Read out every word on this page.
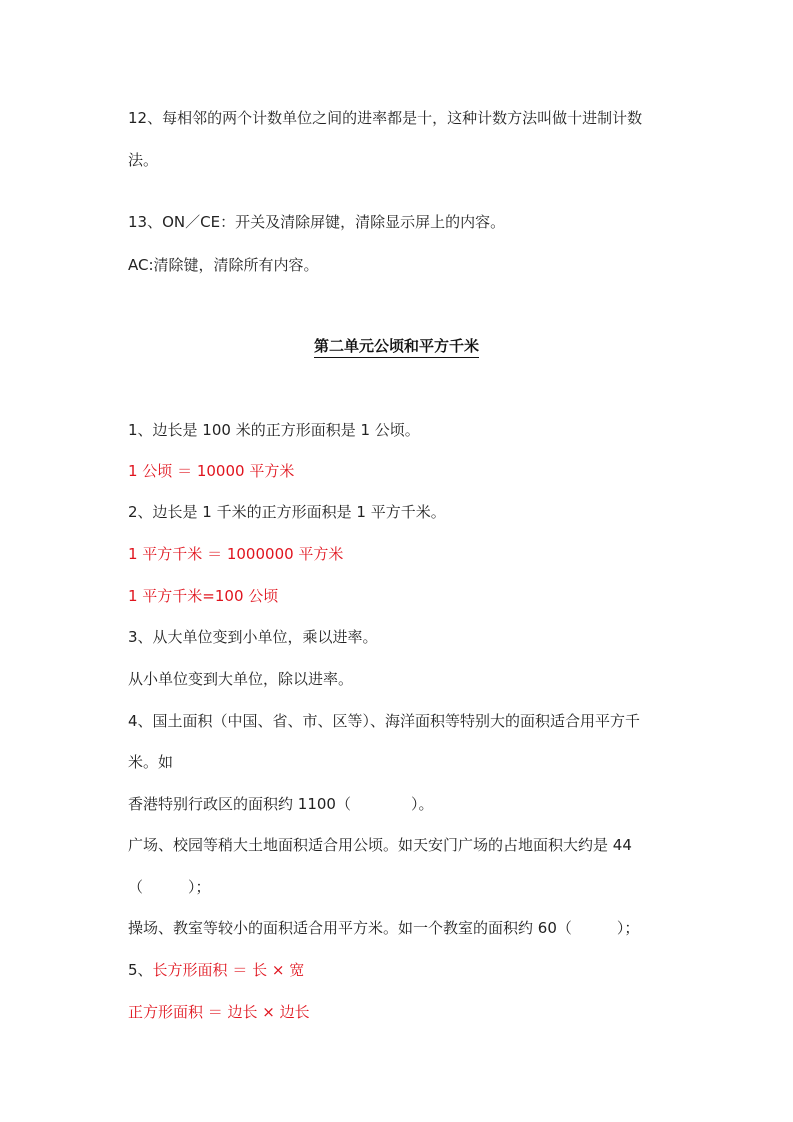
12、每相邻的两个计数单位之间的进率都是十，这种计数方法叫做十进制计数
法。
13、ON／CE：开关及清除屏键，清除显示屏上的内容。
AC:清除键，清除所有内容。
第二单元公顷和平方千米
1、边长是 100 米的正方形面积是 1 公顷。
1 公顷 ＝ 10000 平方米
2、边长是 1 千米的正方形面积是 1 平方千米。
1 平方千米 ＝ 1000000 平方米
1 平方千米=100 公顷
3、从大单位变到小单位，乘以进率。
从小单位变到大单位，除以进率。
4、国土面积（中国、省、市、区等）、海洋面积等特别大的面积适合用平方千
米。如
香港特别行政区的面积约 1100（　　　　）。
广场、校园等稍大土地面积适合用公顷。如天安门广场的占地面积大约是 44
（　　　）；
操场、教室等较小的面积适合用平方米。如一个教室的面积约 60（　　　）；
5、长方形面积 ＝ 长 × 宽
正方形面积 ＝ 边长 × 边长
